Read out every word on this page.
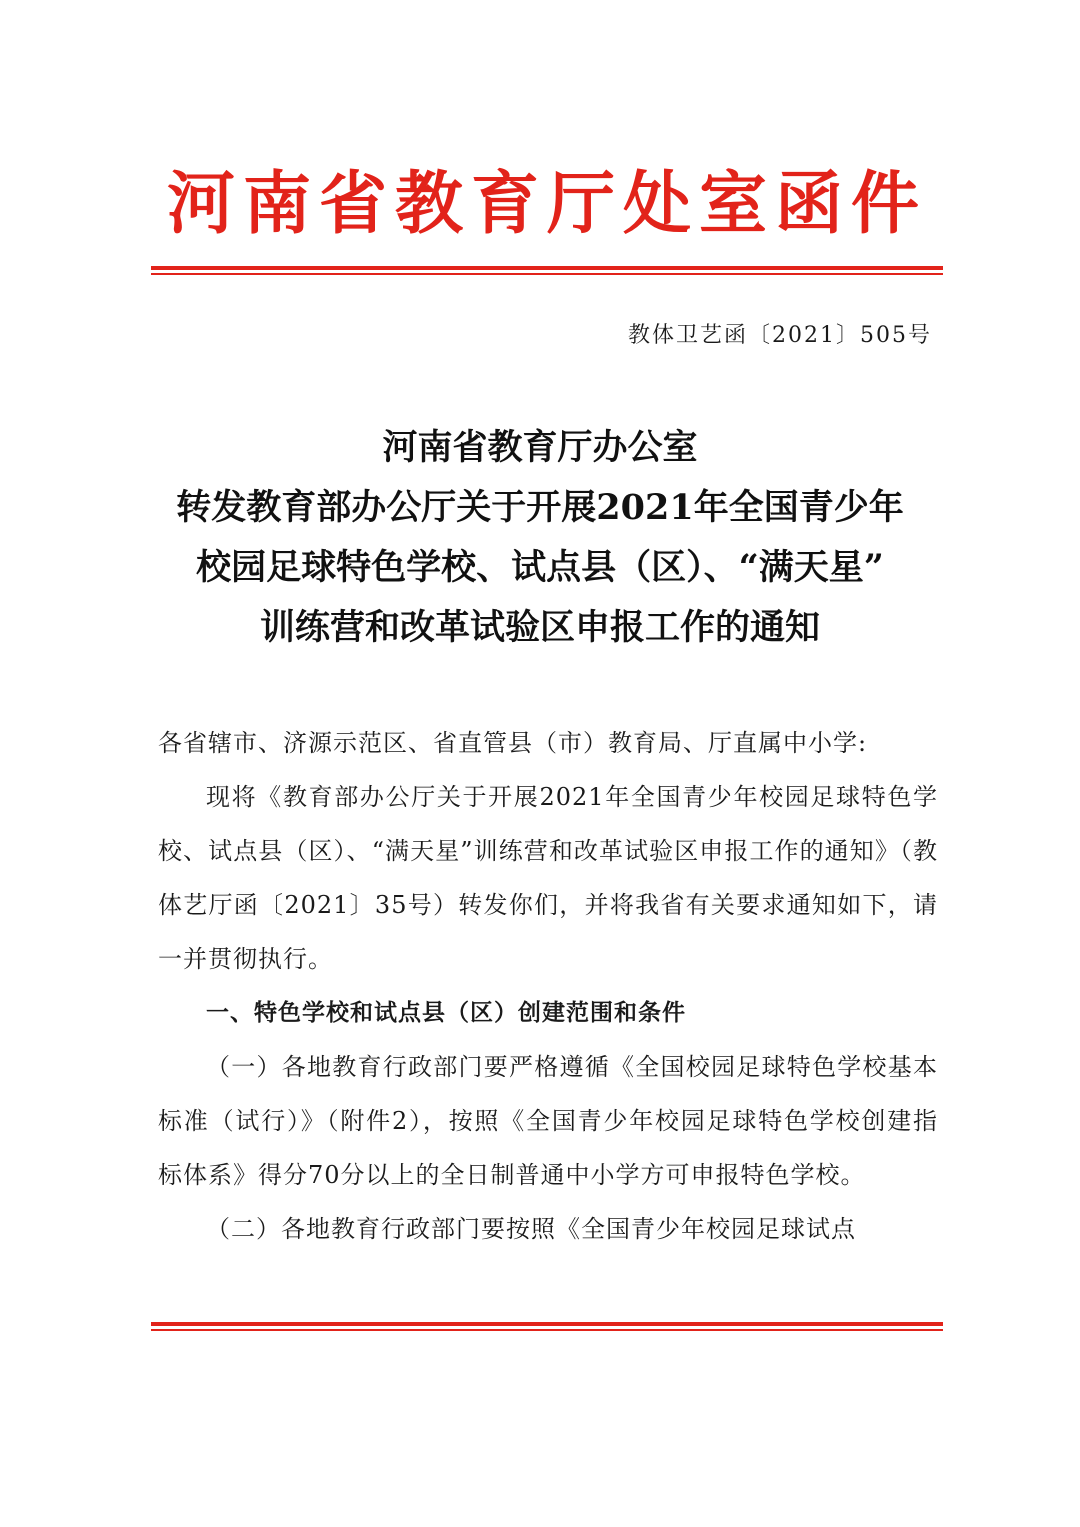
河南省教育厅处室函件
教体卫艺函〔2021〕505号
河南省教育厅办公室
转发教育部办公厅关于开展2021年全国青少年
校园足球特色学校、试点县（区）、“满天星”
训练营和改革试验区申报工作的通知

各省辖市、济源示范区、省直管县（市）教育局、厅直属中小学:

现将《教育部办公厅关于开展2021年全国青少年校园足球特色学校、试点县（区）、“满天星”训练营和改革试验区申报工作的通知》（教体艺厅函〔2021〕35号）转发你们，并将我省有关要求通知如下，请一并贯彻执行。

一、特色学校和试点县（区）创建范围和条件

（一）各地教育行政部门要严格遵循《全国校园足球特色学校基本标准（试行）》（附件2），按照《全国青少年校园足球特色学校创建指标体系》得分70分以上的全日制普通中小学方可申报特色学校。

（二）各地教育行政部门要按照《全国青少年校园足球试点
